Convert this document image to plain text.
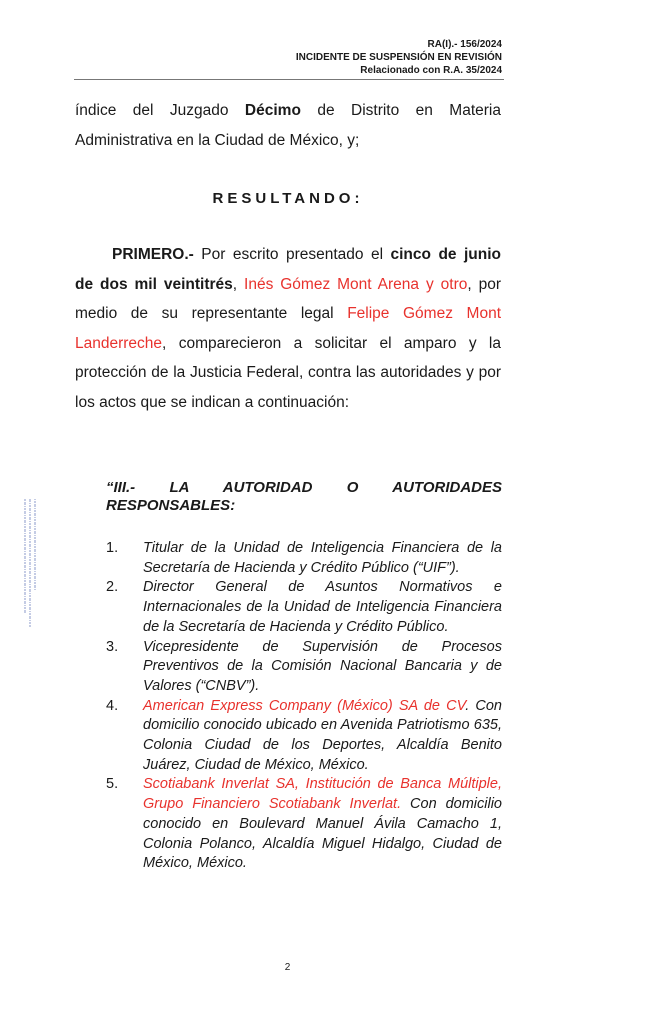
RA(I).- 156/2024
INCIDENTE DE SUSPENSIÓN EN REVISIÓN
Relacionado con R.A. 35/2024
índice del Juzgado Décimo de Distrito en Materia Administrativa en la Ciudad de México, y;
RESULTANDO:
PRIMERO.- Por escrito presentado el cinco de junio de dos mil veintitrés, Inés Gómez Mont Arena y otro, por medio de su representante legal Felipe Gómez Mont Landerreche, comparecieron a solicitar el amparo y la protección de la Justicia Federal, contra las autoridades y por los actos que se indican a continuación:
“III.- LA AUTORIDAD O AUTORIDADES
RESPONSABLES:
1. Titular de la Unidad de Inteligencia Financiera de la Secretaría de Hacienda y Crédito Público (“UIF”).
2. Director General de Asuntos Normativos e Internacionales de la Unidad de Inteligencia Financiera de la Secretaría de Hacienda y Crédito Público.
3. Vicepresidente de Supervisión de Procesos Preventivos de la Comisión Nacional Bancaria y de Valores (“CNBV”).
4. American Express Company (México) SA de CV. Con domicilio conocido ubicado en Avenida Patriotismo 635, Colonia Ciudad de los Deportes, Alcaldía Benito Juárez, Ciudad de México, México.
5. Scotiabank Inverlat SA, Institución de Banca Múltiple, Grupo Financiero Scotiabank Inverlat. Con domicilio conocido en Boulevard Manuel Ávila Camacho 1, Colonia Polanco, Alcaldía Miguel Hidalgo, Ciudad de México, México.
2
